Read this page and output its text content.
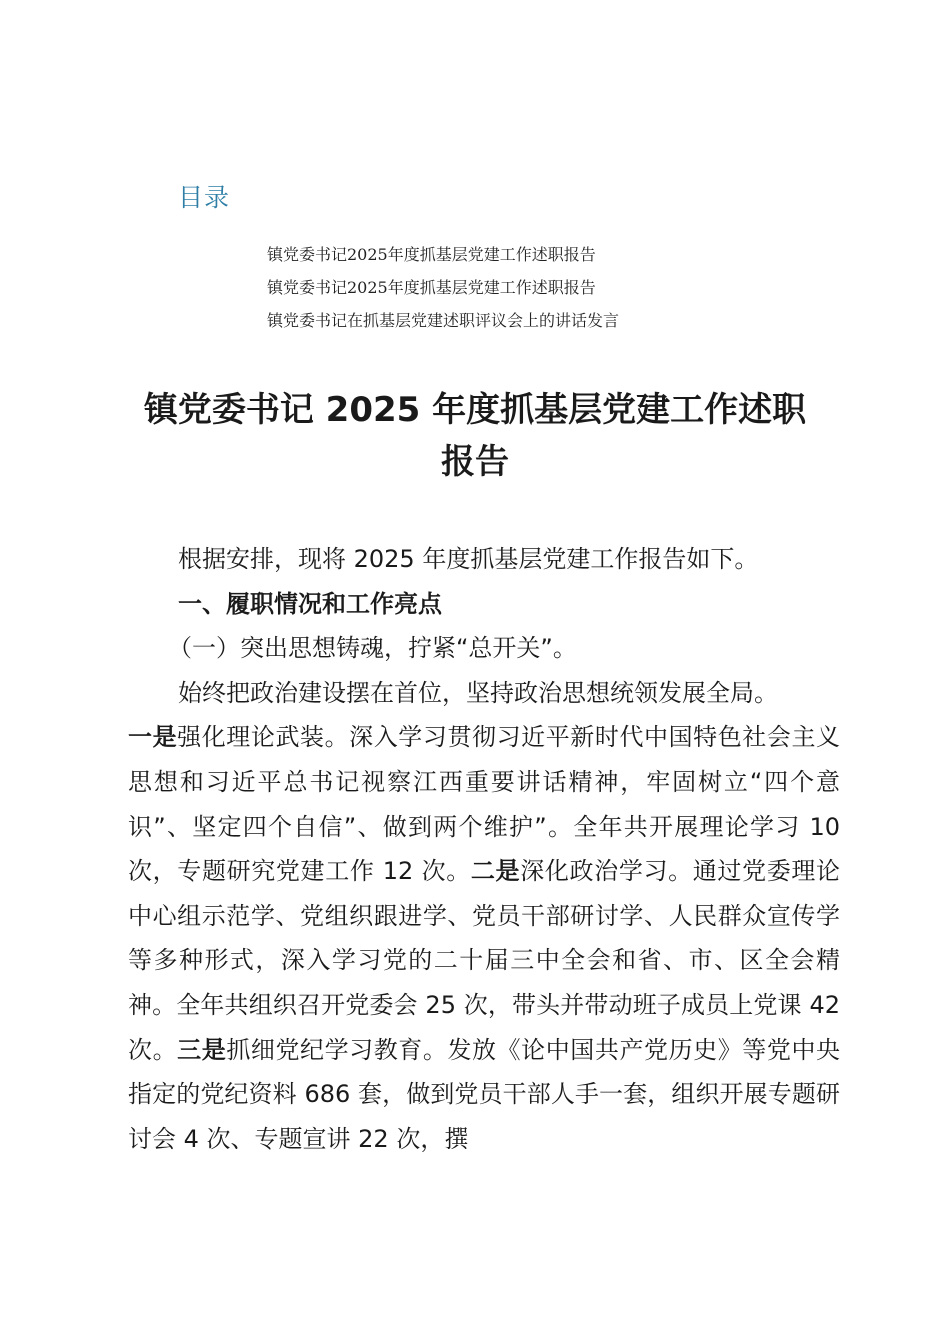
目录
镇党委书记2025年度抓基层党建工作述职报告
镇党委书记2025年度抓基层党建工作述职报告
镇党委书记在抓基层党建述职评议会上的讲话发言
镇党委书记 2025 年度抓基层党建工作述职
报告

根据安排，现将 2025 年度抓基层党建工作报告如下。

一、履职情况和工作亮点

（一）突出思想铸魂，拧紧“总开关”。

始终把政治建设摆在首位，坚持政治思想统领发展全局。

一是强化理论武装。深入学习贯彻习近平新时代中国特色社会主义思想和习近平总书记视察江西重要讲话精神，牢固树立“四个意识”、坚定四个自信”、做到两个维护”。全年共开展理论学习 10 次，专题研究党建工作 12 次。二是深化政治学习。通过党委理论中心组示范学、党组织跟进学、党员干部研讨学、人民群众宣传学等多种形式，深入学习党的二十届三中全会和省、市、区全会精神。全年共组织召开党委会 25 次，带头并带动班子成员上党课 42 次。三是抓细党纪学习教育。发放《论中国共产党历史》等党中央指定的党纪资料 686 套，做到党员干部人手一套，组织开展专题研讨会 4 次、专题宣讲 22 次，撰
